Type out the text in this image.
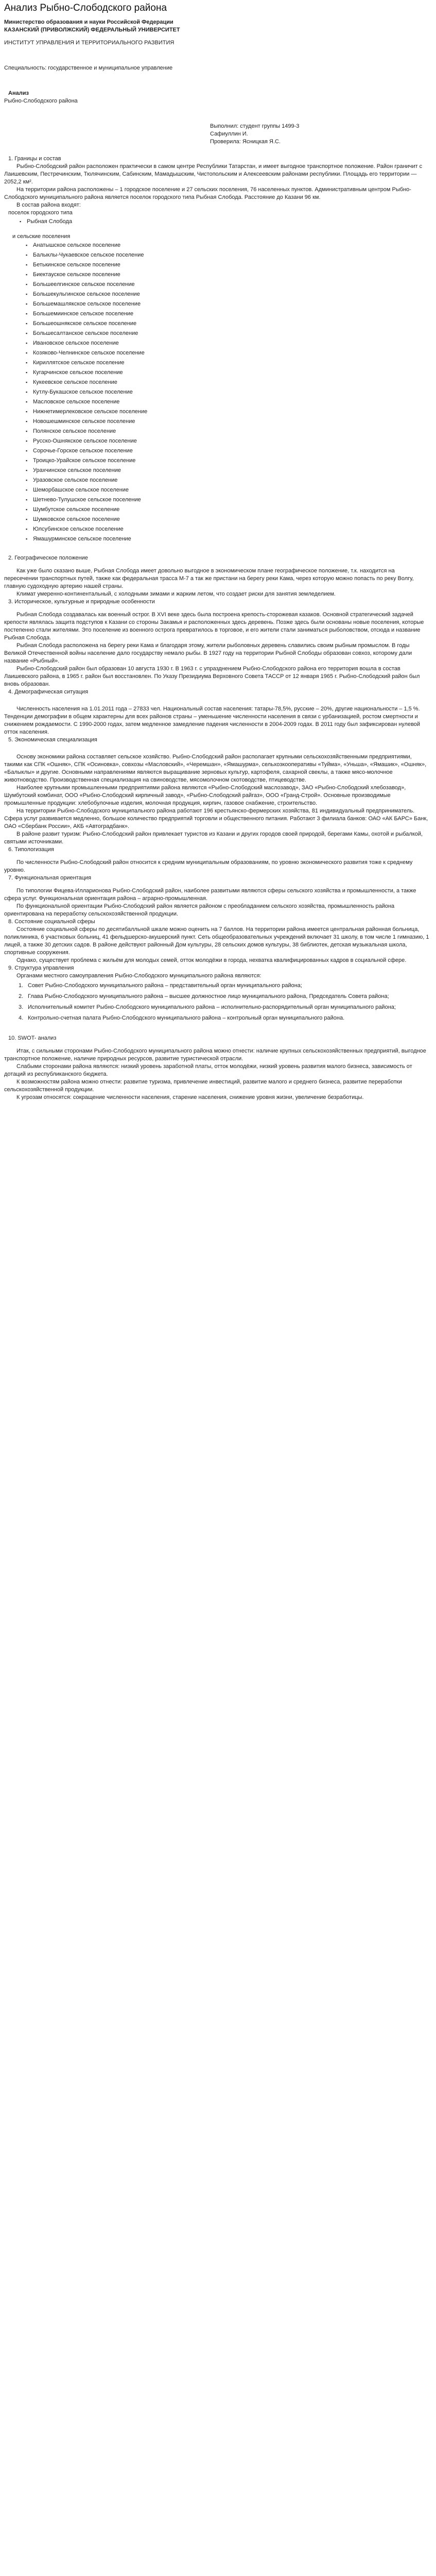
Анализ Рыбно-Слободского района

Министерство образования и науки Российской Федерации

КАЗАНСКИЙ (ПРИВОЛЖСКИЙ) ФЕДЕРАЛЬНЫЙ УНИВЕРСИТЕТ

ИНСТИТУТ УПРАВЛЕНИЯ И ТЕРРИТОРИАЛЬНОГО РАЗВИТИЯ

Специальность: государственное и муниципальное управление

Анализ

Рыбно-Слободского района

Выполнил: студент группы 1499-3

Сафиуллин И.

Проверила: Ясницкая Я.С.

1. Границы и состав

Рыбно-Слободский район расположен практически в самом центре Республики Татарстан, и имеет выгодное транспортное положение. Район граничит с Лаишевским, Пестречинским, Тюлячинским, Сабинским, Мамадышским, Чистопольским и Алексеевским районами республики. Площадь его территории — 2052,2 км².

На территории района расположены – 1 городское поселение и 27 сельских поселения, 76 населенных пунктов. Административным центром Рыбно-Слободского муниципального района является поселок городского типа Рыбная Слобода. Расстояние до Казани 96 км.

В состав района входят:

поселок городского типа

▪ Рыбная Слобода

и сельские поселения

▪ Анатышское сельское поселение
▪ Балыклы-Чукаевское сельское поселение
▪ Бетькинское сельское поселение
▪ Биектауское сельское поселение
▪ Большеелгинское сельское поселение
▪ Большекульгинское сельское поселение
▪ Большемашлякское сельское поселение
▪ Большемиинское сельское поселение
▪ Большеошнякское сельское поселение
▪ Большесалтанское сельское поселение
▪ Ивановское сельское поселение
▪ Козяково-Челнинское сельское поселение
▪ Кириллятское сельское поселение
▪ Кугарчинское сельское поселение
▪ Кукеевское сельское поселение
▪ Кутлу-Букашское сельское поселение
▪ Масловское сельское поселение
▪ Нижнетимерлековское сельское поселение
▪ Новошешминское сельское поселение
▪ Полянское сельское поселение
▪ Русско-Ошнякское сельское поселение
▪ Сорочье-Горское сельское поселение
▪ Троицко-Урайское сельское поселение
▪ Урахчинское сельское поселение
▪ Уразовское сельское поселение
▪ Шеморбашское сельское поселение
▪ Шетнево-Тулушское сельское поселение
▪ Шумбутское сельское поселение
▪ Шумковское сельское поселение
▪ Юлсубинское сельское поселение
▪ Ямашурминское сельское поселение

2. Географическое положение

Как уже было сказано выше, Рыбная Слобода имеет довольно выгодное в экономическом плане географическое положение, т.к. находится на пересечении транспортных путей, также как федеральная трасса М-7 а так же пристани на берегу реки Кама, через которую можно попасть по реку Волгу, главную судоходную артерию нашей страны.

Климат умеренно-континентальный, с холодными зимами и жарким летом, что создает риски для занятия земледелием.

3. Историческое, культурные и природные особенности

Рыбная Слобода создавалась как военный острог. В XVI веке здесь была построена крепость-сторожевая казаков. Основной стратегический задачей крепости являлась защита подступов к Казани со стороны Закамья и расположенных здесь деревень. Позже здесь были основаны новые поселения, которые постепенно стали жителями. Это поселение из военного острога превратилось в торговое, и его жители стали заниматься рыболовством, отсюда и название Рыбная Слобода.

Рыбная Слобода расположена на берегу реки Кама и благодаря этому, жители рыболовных деревень славились своим рыбным промыслом. В годы Великой Отечественной войны население дало государству немало рыбы. В 1927 году на территории Рыбной Слободы образован совхоз, которому дали название «Рыбный».

Рыбно-Слободский район был образован 10 августа 1930 г. В 1963 г. с упразднением Рыбно-Слободского района его территория вошла в состав Лаишевского района, в 1965 г. район был восстановлен. По Указу Президиума Верховного Совета ТАССР от 12 января 1965 г. Рыбно-Слободский район был вновь образован.

4. Демографическая ситуация

Численность населения на 1.01.2011 года – 27833 чел. Национальный состав населения: татары-78,5%, русские – 20%, другие национальности – 1,5 %. Тенденции демографии в общем характерны для всех районов страны – уменьшение численности населения в связи с урбанизацией, ростом смертности и снижением рождаемости. С 1990-2000 годах, затем медленное замедление падения численности в 2004-2009 годах. В 2011 году был зафиксирован нулевой отток населения.

5. Экономическая специализация

Основу экономики района составляет сельское хозяйство. Рыбно-Слободский район располагает крупными сельскохозяйственными предприятиями, такими как СПК «Ошняк», СПК «Осиновка», совхозы «Масловский», «Черемшан», «Ямашурма», сельхозкооперативы «Туйма», «Уньша», «Ямашик», «Ошняк», «Балыклы» и другие. Основными направлениями являются выращивание зерновых культур, картофеля, сахарной свеклы, а также мясо-молочное животноводство. Производственная специализация на свиноводстве, мясомолочном скотоводстве, птицеводстве.

Наиболее крупными промышленными предприятиями района являются «Рыбно-Слободский маслозавод», ЗАО «Рыбно-Слободский хлебозавод», Шумбутский комбинат, ООО «Рыбно-Слободский кирпичный завод», «Рыбно-Слободский райгаз», ООО «Гранд-Строй». Основные производимые промышленные продукции: хлебобулочные изделия, молочная продукция, кирпич, газовое снабжение, строительство.

На территории Рыбно-Слободского муниципального района работают 196 крестьянско-фермерских хозяйства, 81 индивидуальный предприниматель. Сфера услуг развивается медленно, большое количество предприятий торговли и общественного питания. Работают 3 филиала банков: ОАО «АК БАРС» Банк, ОАО «Сбербанк России», АКБ «Автоградбанк».

В районе развит туризм: Рыбно-Слободский район привлекает туристов из Казани и других городов своей природой, берегами Камы, охотой и рыбалкой, святыми источниками.

6. Типологизация

По численности Рыбно-Слободский район относится к средним муниципальным образованиям, по уровню экономического развития тоже к среднему уровню.

7. Функциональная ориентация

По типологии Фицева-Илларионова Рыбно-Слободский район, наиболее развитыми являются сферы сельского хозяйства и промышленности, а также сфера услуг. Функциональная ориентация района – аграрно-промышленная.

По функциональной ориентации Рыбно-Слободский район является районом с преобладанием сельского хозяйства, промышленность района ориентирована на переработку сельскохозяйственной продукции.

8. Состояние социальной сферы

Состояние социальной сферы по десятибалльной шкале можно оценить на 7 баллов. На территории района имеется центральная районная больница, поликлиника, 6 участковых больниц, 41 фельдшерско-акушерский пункт. Сеть общеобразовательных учреждений включает 31 школу, в том числе 1 гимназию, 1 лицей, а также 30 детских садов. В районе действуют районный Дом культуры, 28 сельских домов культуры, 38 библиотек, детская музыкальная школа, спортивные сооружения.

Однако, существует проблема с жильём для молодых семей, отток молодёжи в города, нехватка квалифицированных кадров в социальной сфере.

9. Структура управления

Органами местного самоуправления Рыбно-Слободского муниципального района являются:

1. Совет Рыбно-Слободского муниципального района – представительный орган муниципального района;
2. Глава Рыбно-Слободского муниципального района – высшее должностное лицо муниципального района, Председатель Совета района;
3. Исполнительный комитет Рыбно-Слободского муниципального района – исполнительно-распорядительный орган муниципального района;
4. Контрольно-счетная палата Рыбно-Слободского муниципального района – контрольный орган муниципального района.

10. SWOT- анализ

Итак, с сильными сторонами Рыбно-Слободского муниципального района можно отнести: наличие крупных сельскохозяйственных предприятий, выгодное транспортное положение, наличие природных ресурсов, развитие туристической отрасли.

Слабыми сторонами района являются: низкий уровень заработной платы, отток молодёжи, низкий уровень развития малого бизнеса, зависимость от дотаций из республиканского бюджета.

К возможностям района можно отнести: развитие туризма, привлечение инвестиций, развитие малого и среднего бизнеса, развитие переработки сельскохозяйственной продукции.

К угрозам относятся: сокращение численности населения, старение населения, снижение уровня жизни, увеличение безработицы.
